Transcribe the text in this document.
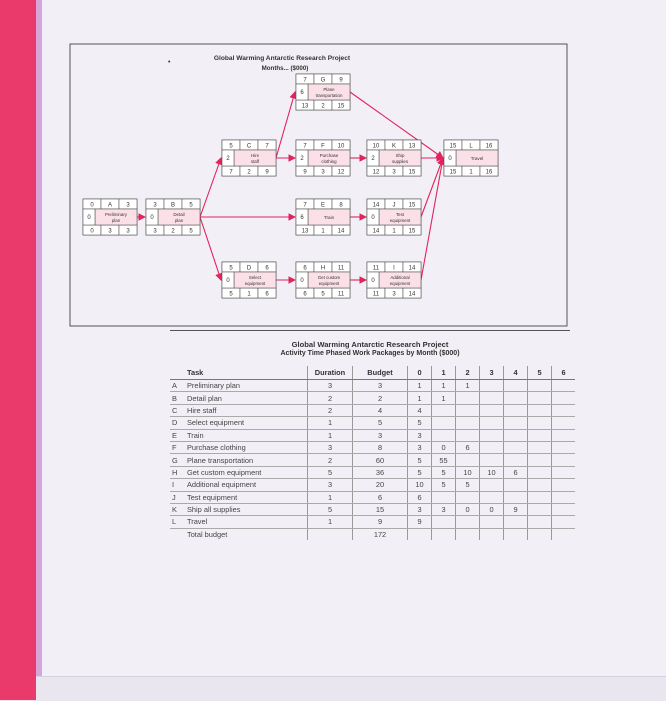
Global Warming Antarctic Research Project
Months... ($000)
•
0 A 3
0 3 3
0
Preliminary
plan
3 B 5
3 2 5
0
Detail
plan
5 C 7
7 2 9
2
Hire
staff
7 G 9
13 2 15
6
Plane
transportation
7 F 10
9 3 12
2
Purchase
clothing
10 K 13
12 3 15
2
Ship
supplies
15 L 16
15 1 16
0	Travel
7 E 8
13 1 14
6	Train
14 J 15
14 1 15
0
Test
equipment
5 D 6
5 1 6
0
Select
equipment
6 H 11
6 5 11
0
Get custom
equipment
11 I 14
11 3 14
0
Additional
equipment
Global Warming Antarctic Research Project
Activity Time Phased Work Packages by Month ($000)
	Task	Duration	Budget	0	1	2	3	4	5	6
A	Preliminary plan	3	3	1	1	1				
B	Detail plan	2	2	1	1					
C	Hire staff	2	4	4						
D	Select equipment	1	5	5						
E	Train	1	3	3						
F	Purchase clothing	3	8	3	0	6				
G	Plane transportation	2	60	5	55					
H	Get custom equipment	5	36	5	5	10	10	6		
I	Additional equipment	3	20	10	5	5				
J	Test equipment	1	6	6						
K	Ship all supplies	5	15	3	3	0	0	9		
L	Travel	1	9	9						
	Total budget		172							
